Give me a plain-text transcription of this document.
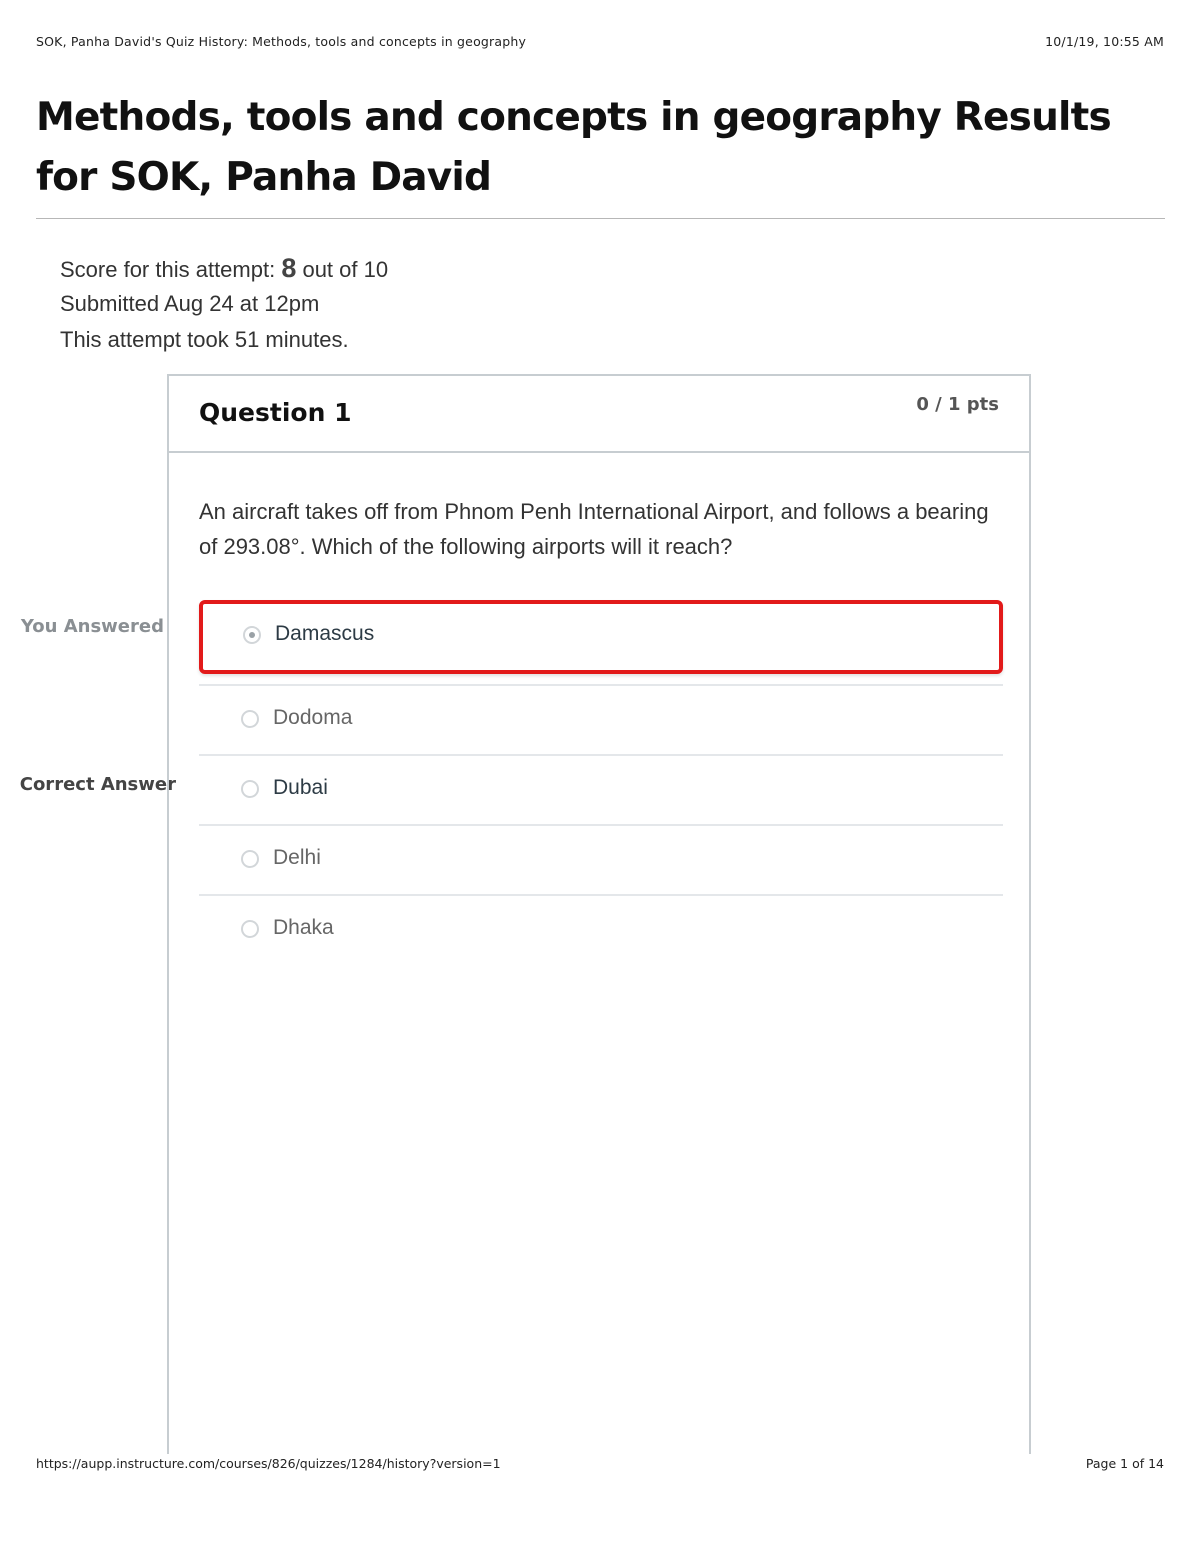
SOK, Panha David's Quiz History: Methods, tools and concepts in geography	10/1/19, 10:55 AM
Methods, tools and concepts in geography Results for SOK, Panha David
Score for this attempt: 8 out of 10
Submitted Aug 24 at 12pm
This attempt took 51 minutes.
You Answered
Correct Answer
Question 1	0 / 1 pts

An aircraft takes off from Phnom Penh International Airport, and follows a bearing of 293.08°. Which of the following airports will it reach?

Damascus
Dodoma
Dubai
Delhi
Dhaka
https://aupp.instructure.com/courses/826/quizzes/1284/history?version=1	Page 1 of 14
